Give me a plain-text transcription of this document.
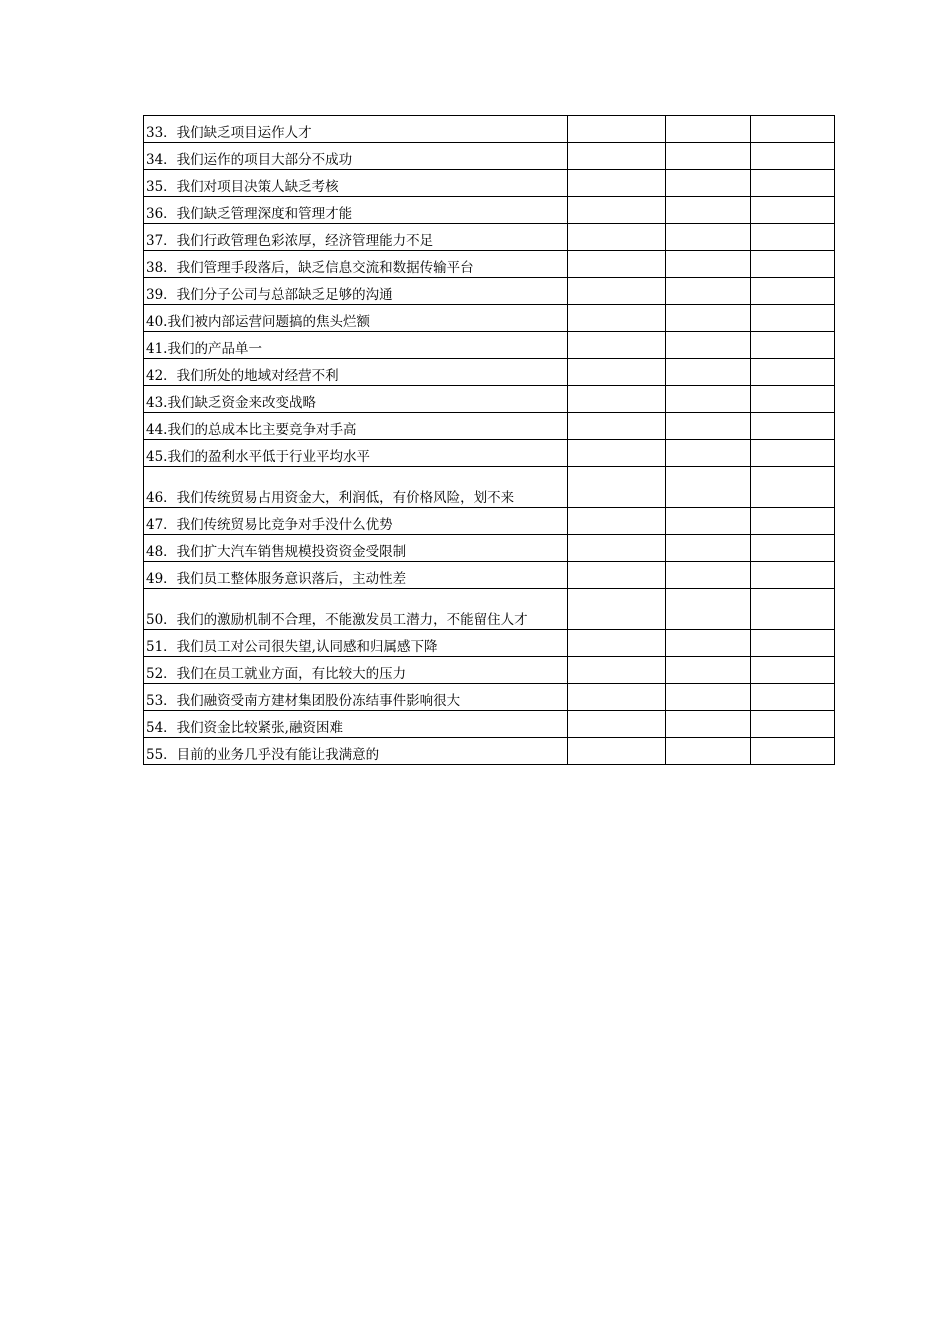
33．我们缺乏项目运作人才			

34．我们运作的项目大部分不成功			

35．我们对项目决策人缺乏考核			

36．我们缺乏管理深度和管理才能			

37．我们行政管理色彩浓厚，经济管理能力不足			

38．我们管理手段落后，缺乏信息交流和数据传输平台			

39．我们分子公司与总部缺乏足够的沟通			

40.我们被内部运营问题搞的焦头烂额			

41.我们的产品单一			

42．我们所处的地域对经营不利			

43.我们缺乏资金来改变战略			

44.我们的总成本比主要竞争对手高			

45.我们的盈利水平低于行业平均水平			

46．我们传统贸易占用资金大，利润低，有价格风险，划不来			

47．我们传统贸易比竞争对手没什么优势			

48．我们扩大汽车销售规模投资资金受限制			

49．我们员工整体服务意识落后，主动性差			

50．我们的激励机制不合理，不能激发员工潜力，不能留住人才			

51．我们员工对公司很失望,认同感和归属感下降			

52．我们在员工就业方面，有比较大的压力			

53．我们融资受南方建材集团股份冻结事件影响很大			

54．我们资金比较紧张,融资困难			

55．目前的业务几乎没有能让我满意的			
